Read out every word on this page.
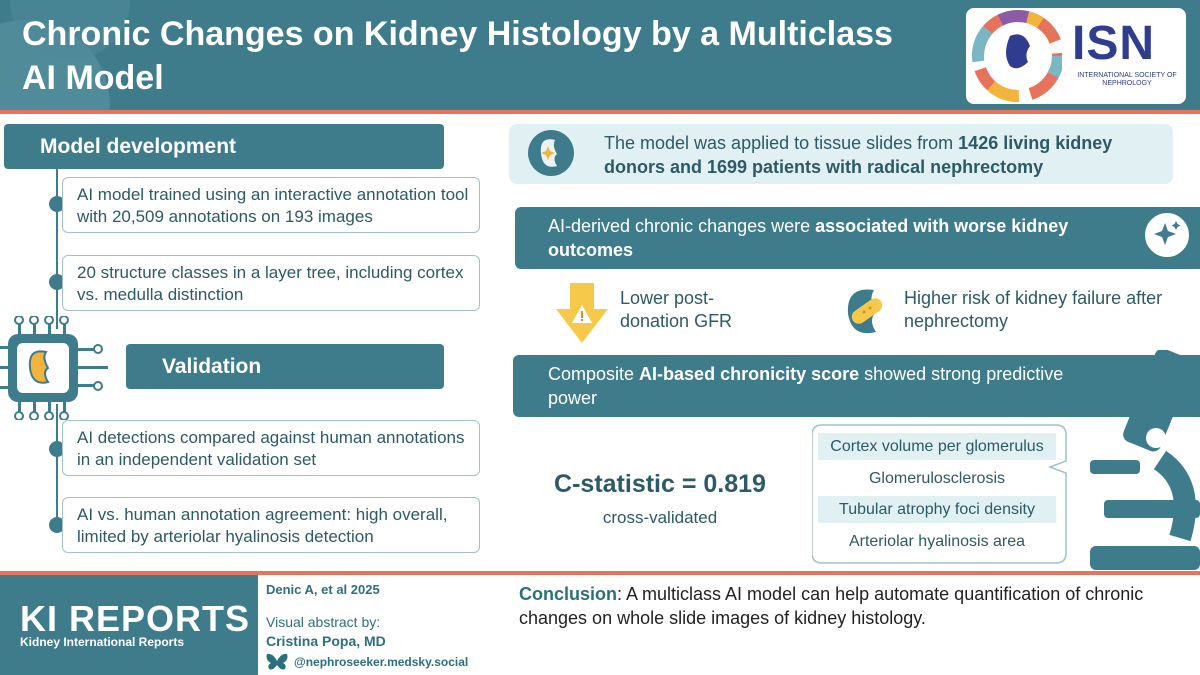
Chronic Changes on Kidney Histology by a Multiclass AI Model
ISN
INTERNATIONAL SOCIETY OF NEPHROLOGY
Model development
AI model trained using an interactive annotation tool with 20,509 annotations on 193 images
20 structure classes in a layer tree, including cortex vs. medulla distinction
Validation
AI detections compared against human annotations in an independent validation set
AI vs. human annotation agreement: high overall, limited by arteriolar hyalinosis detection
The model was applied to tissue slides from 1426 living kidney donors and 1699 patients with radical nephrectomy
AI-derived chronic changes were associated with worse kidney outcomes
Lower post-donation GFR
Higher risk of kidney failure after nephrectomy
Composite AI-based chronicity score showed strong predictive power
C-statistic = 0.819
cross-validated
Cortex volume per glomerulus
Glomerulosclerosis
Tubular atrophy foci density
Arteriolar hyalinosis area
KI REPORTS
Kidney International Reports
Denic A, et al 2025
Visual abstract by:
Cristina Popa, MD
@nephroseeker.medsky.social
Conclusion: A multiclass AI model can help automate quantification of chronic changes on whole slide images of kidney histology.
